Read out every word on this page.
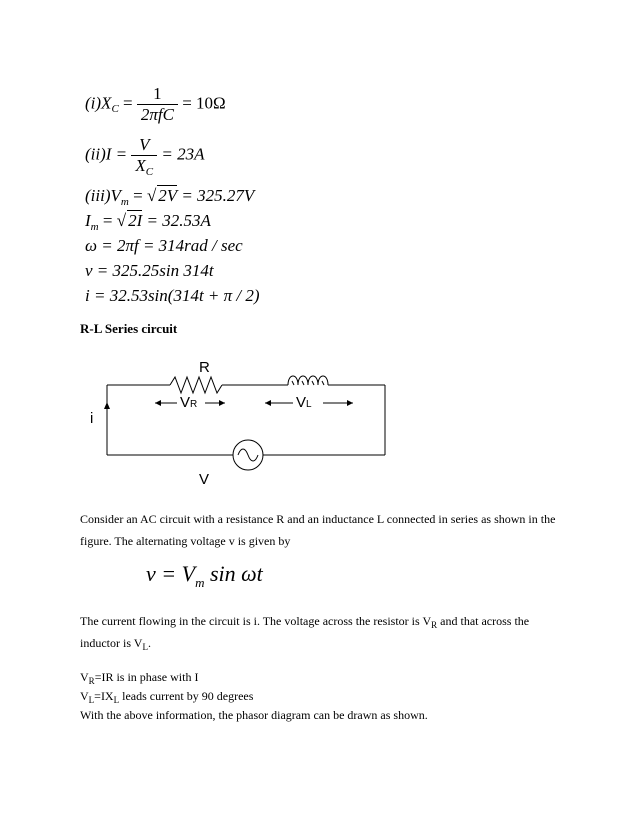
$(i)X_C = \frac{1}{\text{2πfC}} = 10\Omega$
$(ii)I = \frac{V}{X_C} = 23A$
$(iii)V_m$ = √ 2V = 325.27V
$I_m$ = √ 2I = 32.53A
ω = 2πf = 314rad / sec
v = 325.25sin 314t
i = 32.53sin(314t + π / 2)
R-L Series circuit
R
VR	VL
i
V
Consider an AC circuit with a resistance R and an inductance L connected in series as shown in the
figure. The alternating voltage v is given by
$v = V_m$ sin ωt
The current flowing in the circuit is i. The voltage across the resistor is $V_R$ and that across the
inductor is $V_L$.
$V_R=IR$ is in phase with I
$V_L=IX_L$ leads current by 90 degrees
With the above information, the phasor diagram can be drawn as shown.
